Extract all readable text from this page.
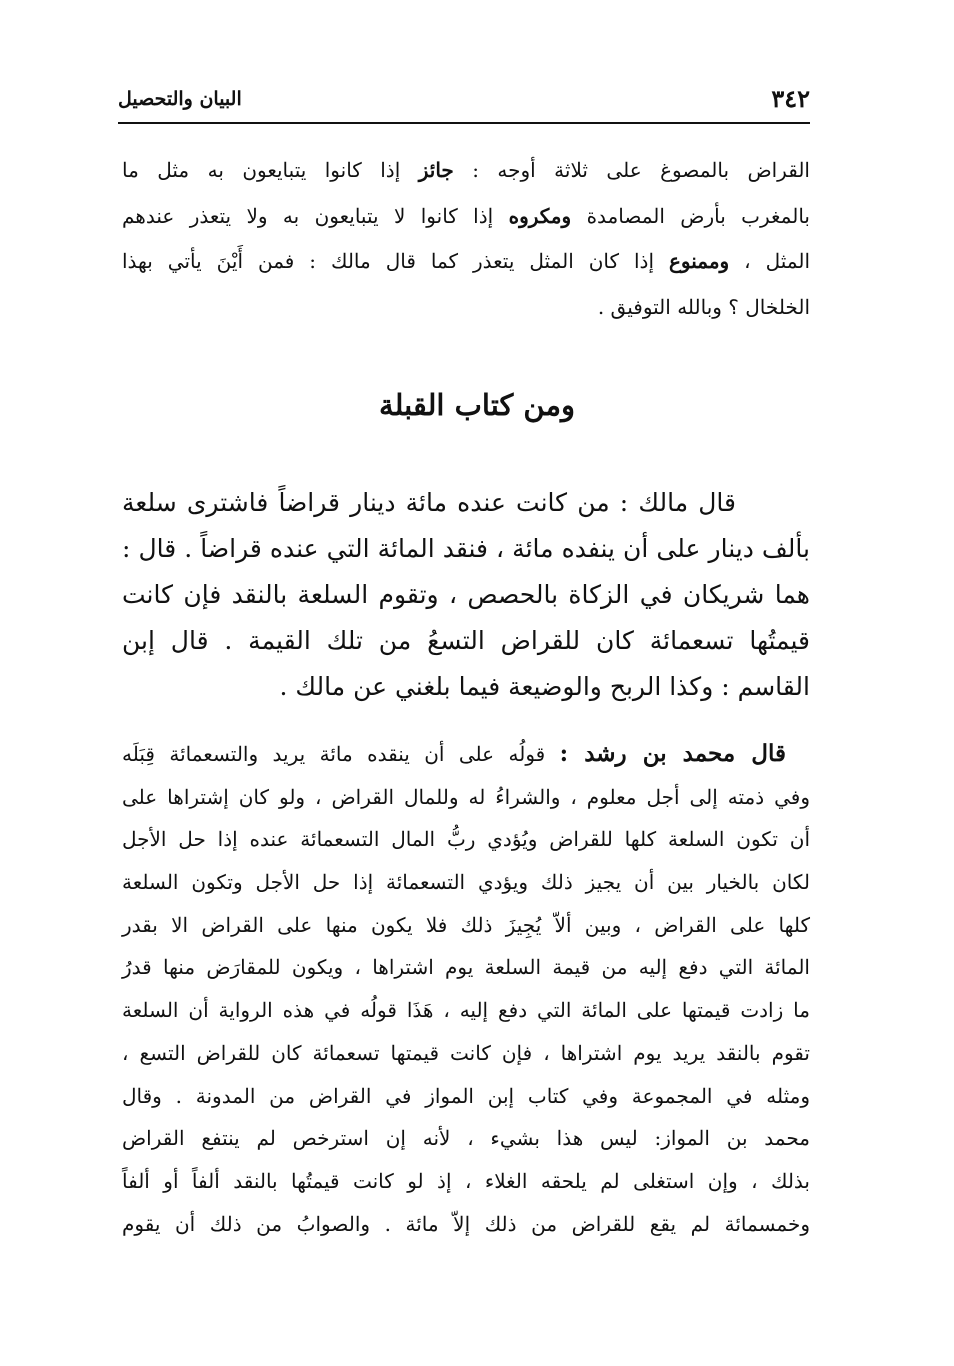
٣٤٢
البيان والتحصيل
القراض بالمصوغ على ثلاثة أوجه : جائز إذا كانوا يتبايعون به مثل ما
بالمغرب بأرض المصامدة ومكروه إذا كانوا لا يتبايعون به ولا يتعذر عندهم
المثل ، وممنوع إذا كان المثل يتعذر كما قال مالك : فمن أَيْنَ يأتي بهذا
الخلخال ؟ وبالله التوفيق .
ومن كتاب القبلة
قال مالك : من كانت عنده مائة دينار قراضاً فاشترى سلعة
بألف دينار على أن ينفده مائة ، فنقد المائة التي عنده قراضاً . قال :
هما شريكان في الزكاة بالحصص ، وتقوم السلعة بالنقد فإن كانت
قيمتُها تسعمائة كان للقراض التسعُ من تلك القيمة . قال إبن
القاسم : وكذا الربح والوضيعة فيما بلغني عن مالك .
قال محمد بن رشد : قولُه على أن ينقده مائة يريد والتسعمائة قِبَلَه
وفي ذمته إلى أجل معلوم ، والشراءُ له وللمال القراض ، ولو كان إشتراها على
أن تكون السلعة كلها للقراض ويُؤدي ربُّ المال التسعمائة عنده إذا حل الأجل
لكان بالخيار بين أن يجيز ذلك ويؤدي التسعمائة إذا حل الأجل وتكون السلعة
كلها على القراض ، وبين ألاّ يُجِيزَ ذلك فلا يكون منها على القراض الا بقدر
المائة التي دفع إليه من قيمة السلعة يوم اشتراها ، ويكون للمقارَض منها قدرُ
ما زادت قيمتها على المائة التي دفع إليه ، هَذَا قولُه في هذه الرواية أن السلعة
تقوم بالنقد يريد يوم اشتراها ، فإن كانت قيمتها تسعمائة كان للقراض التسع ،
ومثله في المجموعة وفي كتاب إبن المواز في القراض من المدونة . وقال
محمد بن المواز: ليس هذا بشيء ، لأنه إن استرخص لم ينتفع القراض
بذلك ، وإن استغلى لم يلحقه الغلاء ، إذ لو كانت قيمتُها بالنقد ألفاً أو ألفاً
وخمسمائة لم يقع للقراض من ذلك إلاّ مائة . والصوابُ من ذلك أن يقوم
